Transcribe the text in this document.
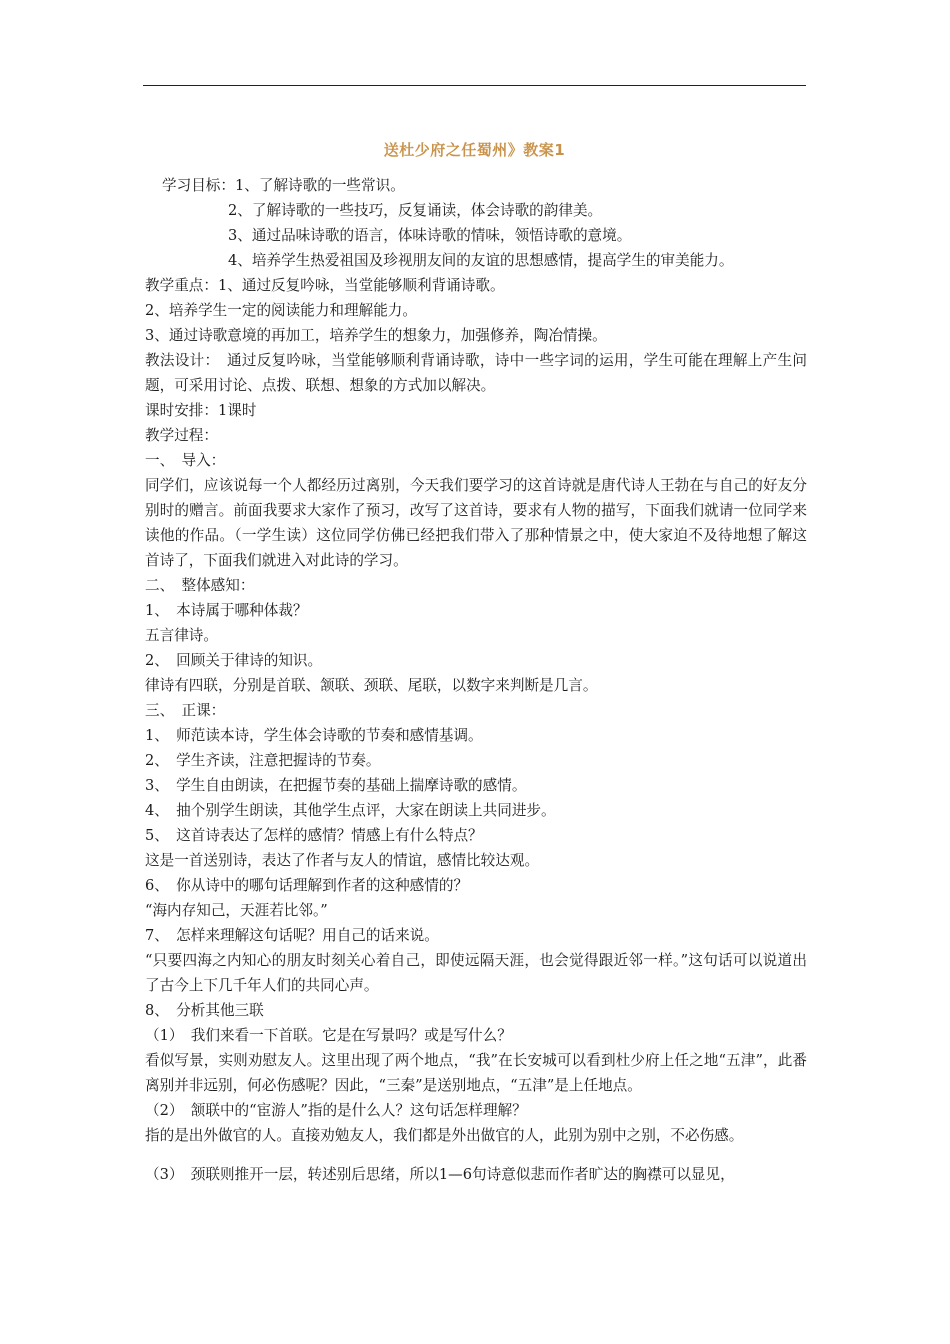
送杜少府之任蜀州》教案1

学习目标：1、了解诗歌的一些常识。

2、了解诗歌的一些技巧，反复诵读，体会诗歌的韵律美。

3、通过品味诗歌的语言，体味诗歌的情味，领悟诗歌的意境。

4、培养学生热爱祖国及珍视朋友间的友谊的思想感情，提高学生的审美能力。

教学重点：1、通过反复吟咏，当堂能够顺利背诵诗歌。

2、培养学生一定的阅读能力和理解能力。

3、通过诗歌意境的再加工，培养学生的想象力，加强修养，陶冶情操。

教法设计：　通过反复吟咏，当堂能够顺利背诵诗歌，诗中一些字词的运用，学生可能在理解上产生问题，可采用讨论、点拨、联想、想象的方式加以解决。

课时安排：1课时

教学过程：

一、　导入：

同学们，应该说每一个人都经历过离别，今天我们要学习的这首诗就是唐代诗人王勃在与自己的好友分别时的赠言。前面我要求大家作了预习，改写了这首诗，要求有人物的描写，下面我们就请一位同学来读他的作品。（一学生读）这位同学仿佛已经把我们带入了那种情景之中，使大家迫不及待地想了解这首诗了，下面我们就进入对此诗的学习。

二、　整体感知：

1、　本诗属于哪种体裁？

五言律诗。

2、　回顾关于律诗的知识。

律诗有四联，分别是首联、颔联、颈联、尾联，以数字来判断是几言。

三、　正课：

1、　师范读本诗，学生体会诗歌的节奏和感情基调。

2、　学生齐读，注意把握诗的节奏。

3、　学生自由朗读，在把握节奏的基础上揣摩诗歌的感情。

4、　抽个别学生朗读，其他学生点评，大家在朗读上共同进步。

5、　这首诗表达了怎样的感情？情感上有什么特点？

这是一首送别诗，表达了作者与友人的情谊，感情比较达观。

6、　你从诗中的哪句话理解到作者的这种感情的？

“海内存知己，天涯若比邻。”

7、　怎样来理解这句话呢？用自己的话来说。

“只要四海之内知心的朋友时刻关心着自己，即使远隔天涯，也会觉得跟近邻一样。”这句话可以说道出了古今上下几千年人们的共同心声。

8、　分析其他三联

（1）　我们来看一下首联。它是在写景吗？或是写什么？

看似写景，实则劝慰友人。这里出现了两个地点，“我”在长安城可以看到杜少府上任之地“五津”，此番离别并非远别，何必伤感呢？因此，“三秦”是送别地点，“五津”是上任地点。

（2）　颔联中的“宦游人”指的是什么人？这句话怎样理解？

指的是出外做官的人。直接劝勉友人，我们都是外出做官的人，此别为别中之别，不必伤感。

（3）　颈联则推开一层，转述别后思绪，所以1—6句诗意似悲而作者旷达的胸襟可以显见，
